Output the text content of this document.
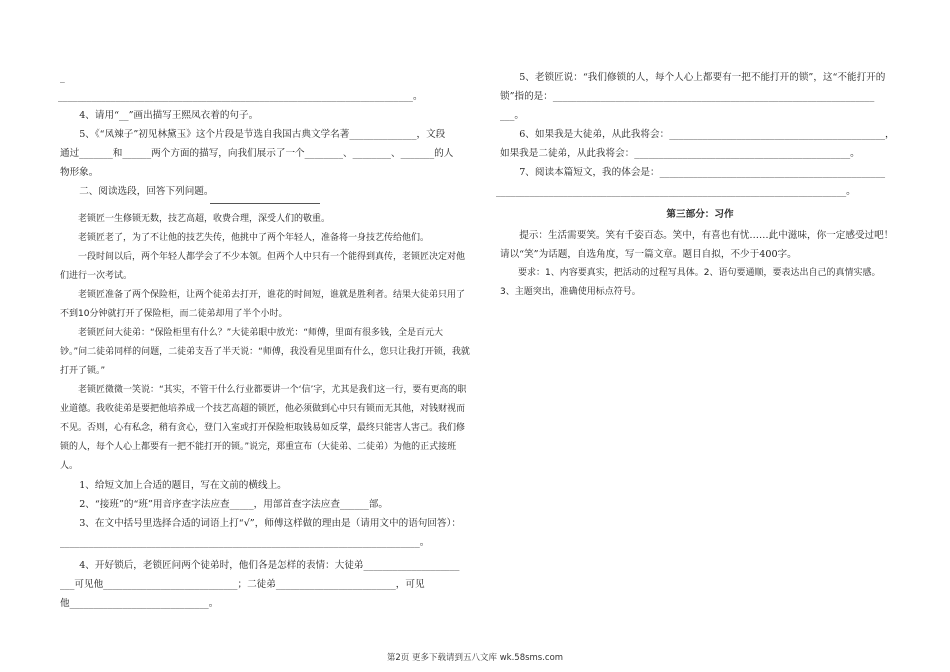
_
__________________________________________________________________________。
4、请用“__”画出描写王熙凤衣着的句子。
5、《“凤辣子”初见林黛玉》这个片段是节选自我国古典文学名著______________，文段
通过_______和______两个方面的描写，向我们展示了一个________、________、_______的人
物形象。
二、阅读选段，回答下列问题。
老锁匠一生修锁无数，技艺高超，收费合理，深受人们的敬重。
老锁匠老了，为了不让他的技艺失传，他挑中了两个年轻人，准备将一身技艺传给他们。
一段时间以后，两个年轻人都学会了不少本领。但两个人中只有一个能得到真传，老锁匠决定对他们进行一次考试。
老锁匠准备了两个保险柜，让两个徒弟去打开，谁花的时间短，谁就是胜利者。结果大徒弟只用了不到10分钟就打开了保险柜，而二徒弟却用了半个小时。
老锁匠问大徒弟：“保险柜里有什么？”大徒弟眼中放光：“师傅，里面有很多钱，全是百元大钞。”问二徒弟同样的问题，二徒弟支吾了半天说：“师傅，我没看见里面有什么，您只让我打开锁，我就打开了锁。”
老锁匠微微一笑说：“其实，不管干什么行业都要讲一个‘信’字，尤其是我们这一行，要有更高的职业道德。我收徒弟是要把他培养成一个技艺高超的锁匠，他必须做到心中只有锁而无其他，对钱财视而不见。否则，心有私念，稍有贪心，登门入室或打开保险柜取钱易如反掌，最终只能害人害己。我们修锁的人，每个人心上都要有一把不能打开的锁。”说完，郑重宣布（大徒弟、二徒弟）为他的正式接班人。
1、给短文加上合适的题目，写在文前的横线上。
2、“接班”的“班”用音序查字法应查_____，用部首查字法应查______部。
3、在文中括号里选择合适的词语上打“√”，师傅这样做的理由是（请用文中的语句回答）：
___________________________________________________________________________。
4、开好锁后，老锁匠问两个徒弟时，他们各是怎样的表情：大徒弟____________________
___可见他____________________________；二徒弟_________________________，可见
他_____________________________。
5、老锁匠说：“我们修锁的人，每个人心上都要有一把不能打开的锁”，这“不能打开的
锁”指的是：___________________________________________________________________
___。
6、如果我是大徒弟，从此我将会：_____________________________________________，
如果我是二徒弟，从此我将会：_____________________________________________。
7、阅读本篇短文，我的体会是：_______________________________________________
_________________________________________________________________________。
第三部分：习作
提示：生活需要笑。笑有千姿百态。笑中，有喜也有忧……此中滋味，你一定感受过吧！
请以“笑”为话题，自选角度，写一篇文章。题目自拟，不少于400字。
要求：1、内容要真实，把活动的过程写具体。2、语句要通顺，要表达出自己的真情实感。
3、主题突出，准确使用标点符号。
第2页 更多下载请到五八文库 wk.58sms.com
